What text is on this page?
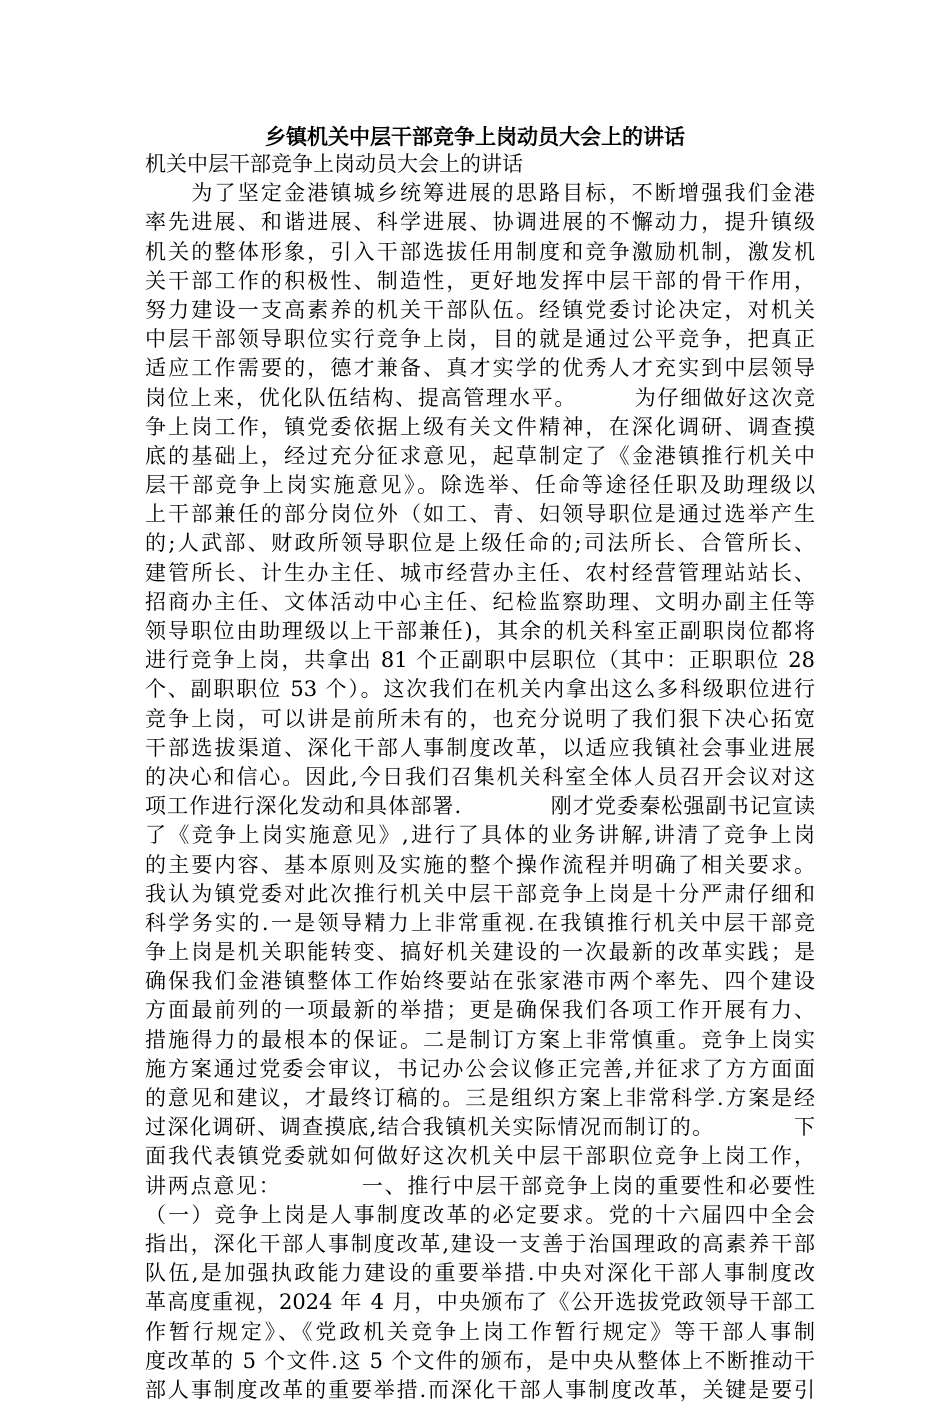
乡镇机关中层干部竞争上岗动员大会上的讲话
机关中层干部竞争上岗动员大会上的讲话
　　为了坚定金港镇城乡统筹进展的思路目标，不断增强我们金港
率先进展、和谐进展、科学进展、协调进展的不懈动力，提升镇级
机关的整体形象，引入干部选拔任用制度和竞争激励机制，激发机
关干部工作的积极性、制造性，更好地发挥中层干部的骨干作用，
努力建设一支高素养的机关干部队伍。经镇党委讨论决定，对机关
中层干部领导职位实行竞争上岗，目的就是通过公平竞争，把真正
适应工作需要的，德才兼备、真才实学的优秀人才充实到中层领导
岗位上来，优化队伍结构、提高管理水平。　　　为仔细做好这次竞
争上岗工作，镇党委依据上级有关文件精神，在深化调研、调查摸
底的基础上，经过充分征求意见，起草制定了《金港镇推行机关中
层干部竞争上岗实施意见》。除选举、任命等途径任职及助理级以
上干部兼任的部分岗位外（如工、青、妇领导职位是通过选举产生
的;人武部、财政所领导职位是上级任命的;司法所长、合管所长、
建管所长、计生办主任、城市经营办主任、农村经营管理站站长、
招商办主任、文体活动中心主任、纪检监察助理、文明办副主任等
领导职位由助理级以上干部兼任)，其余的机关科室正副职岗位都将
进行竞争上岗，共拿出 81 个正副职中层职位（其中：正职职位 28
个、副职职位 53 个）。这次我们在机关内拿出这么多科级职位进行
竞争上岗，可以讲是前所未有的，也充分说明了我们狠下决心拓宽
干部选拔渠道、深化干部人事制度改革，以适应我镇社会事业进展
的决心和信心。因此,今日我们召集机关科室全体人员召开会议对这
项工作进行深化发动和具体部署.　　　　刚才党委秦松强副书记宣读
了《竞争上岗实施意见》,进行了具体的业务讲解,讲清了竞争上岗
的主要内容、基本原则及实施的整个操作流程并明确了相关要求。
我认为镇党委对此次推行机关中层干部竞争上岗是十分严肃仔细和
科学务实的.一是领导精力上非常重视.在我镇推行机关中层干部竞
争上岗是机关职能转变、搞好机关建设的一次最新的改革实践；是
确保我们金港镇整体工作始终要站在张家港市两个率先、四个建设
方面最前列的一项最新的举措；更是确保我们各项工作开展有力、
措施得力的最根本的保证。二是制订方案上非常慎重。竞争上岗实
施方案通过党委会审议，书记办公会议修正完善,并征求了方方面面
的意见和建议，才最终订稿的。三是组织方案上非常科学.方案是经
过深化调研、调查摸底,结合我镇机关实际情况而制订的。　　　　下
面我代表镇党委就如何做好这次机关中层干部职位竞争上岗工作，
讲两点意见：　　　　一、推行中层干部竞争上岗的重要性和必要性
（一）竞争上岗是人事制度改革的必定要求。党的十六届四中全会
指出，深化干部人事制度改革,建设一支善于治国理政的高素养干部
队伍,是加强执政能力建设的重要举措.中央对深化干部人事制度改
革高度重视，2024 年 4 月，中央颁布了《公开选拔党政领导干部工
作暂行规定》、《党政机关竞争上岗工作暂行规定》等干部人事制
度改革的 5 个文件.这 5 个文件的颁布，是中央从整体上不断推动干
部人事制度改革的重要举措.而深化干部人事制度改革，关键是要引
